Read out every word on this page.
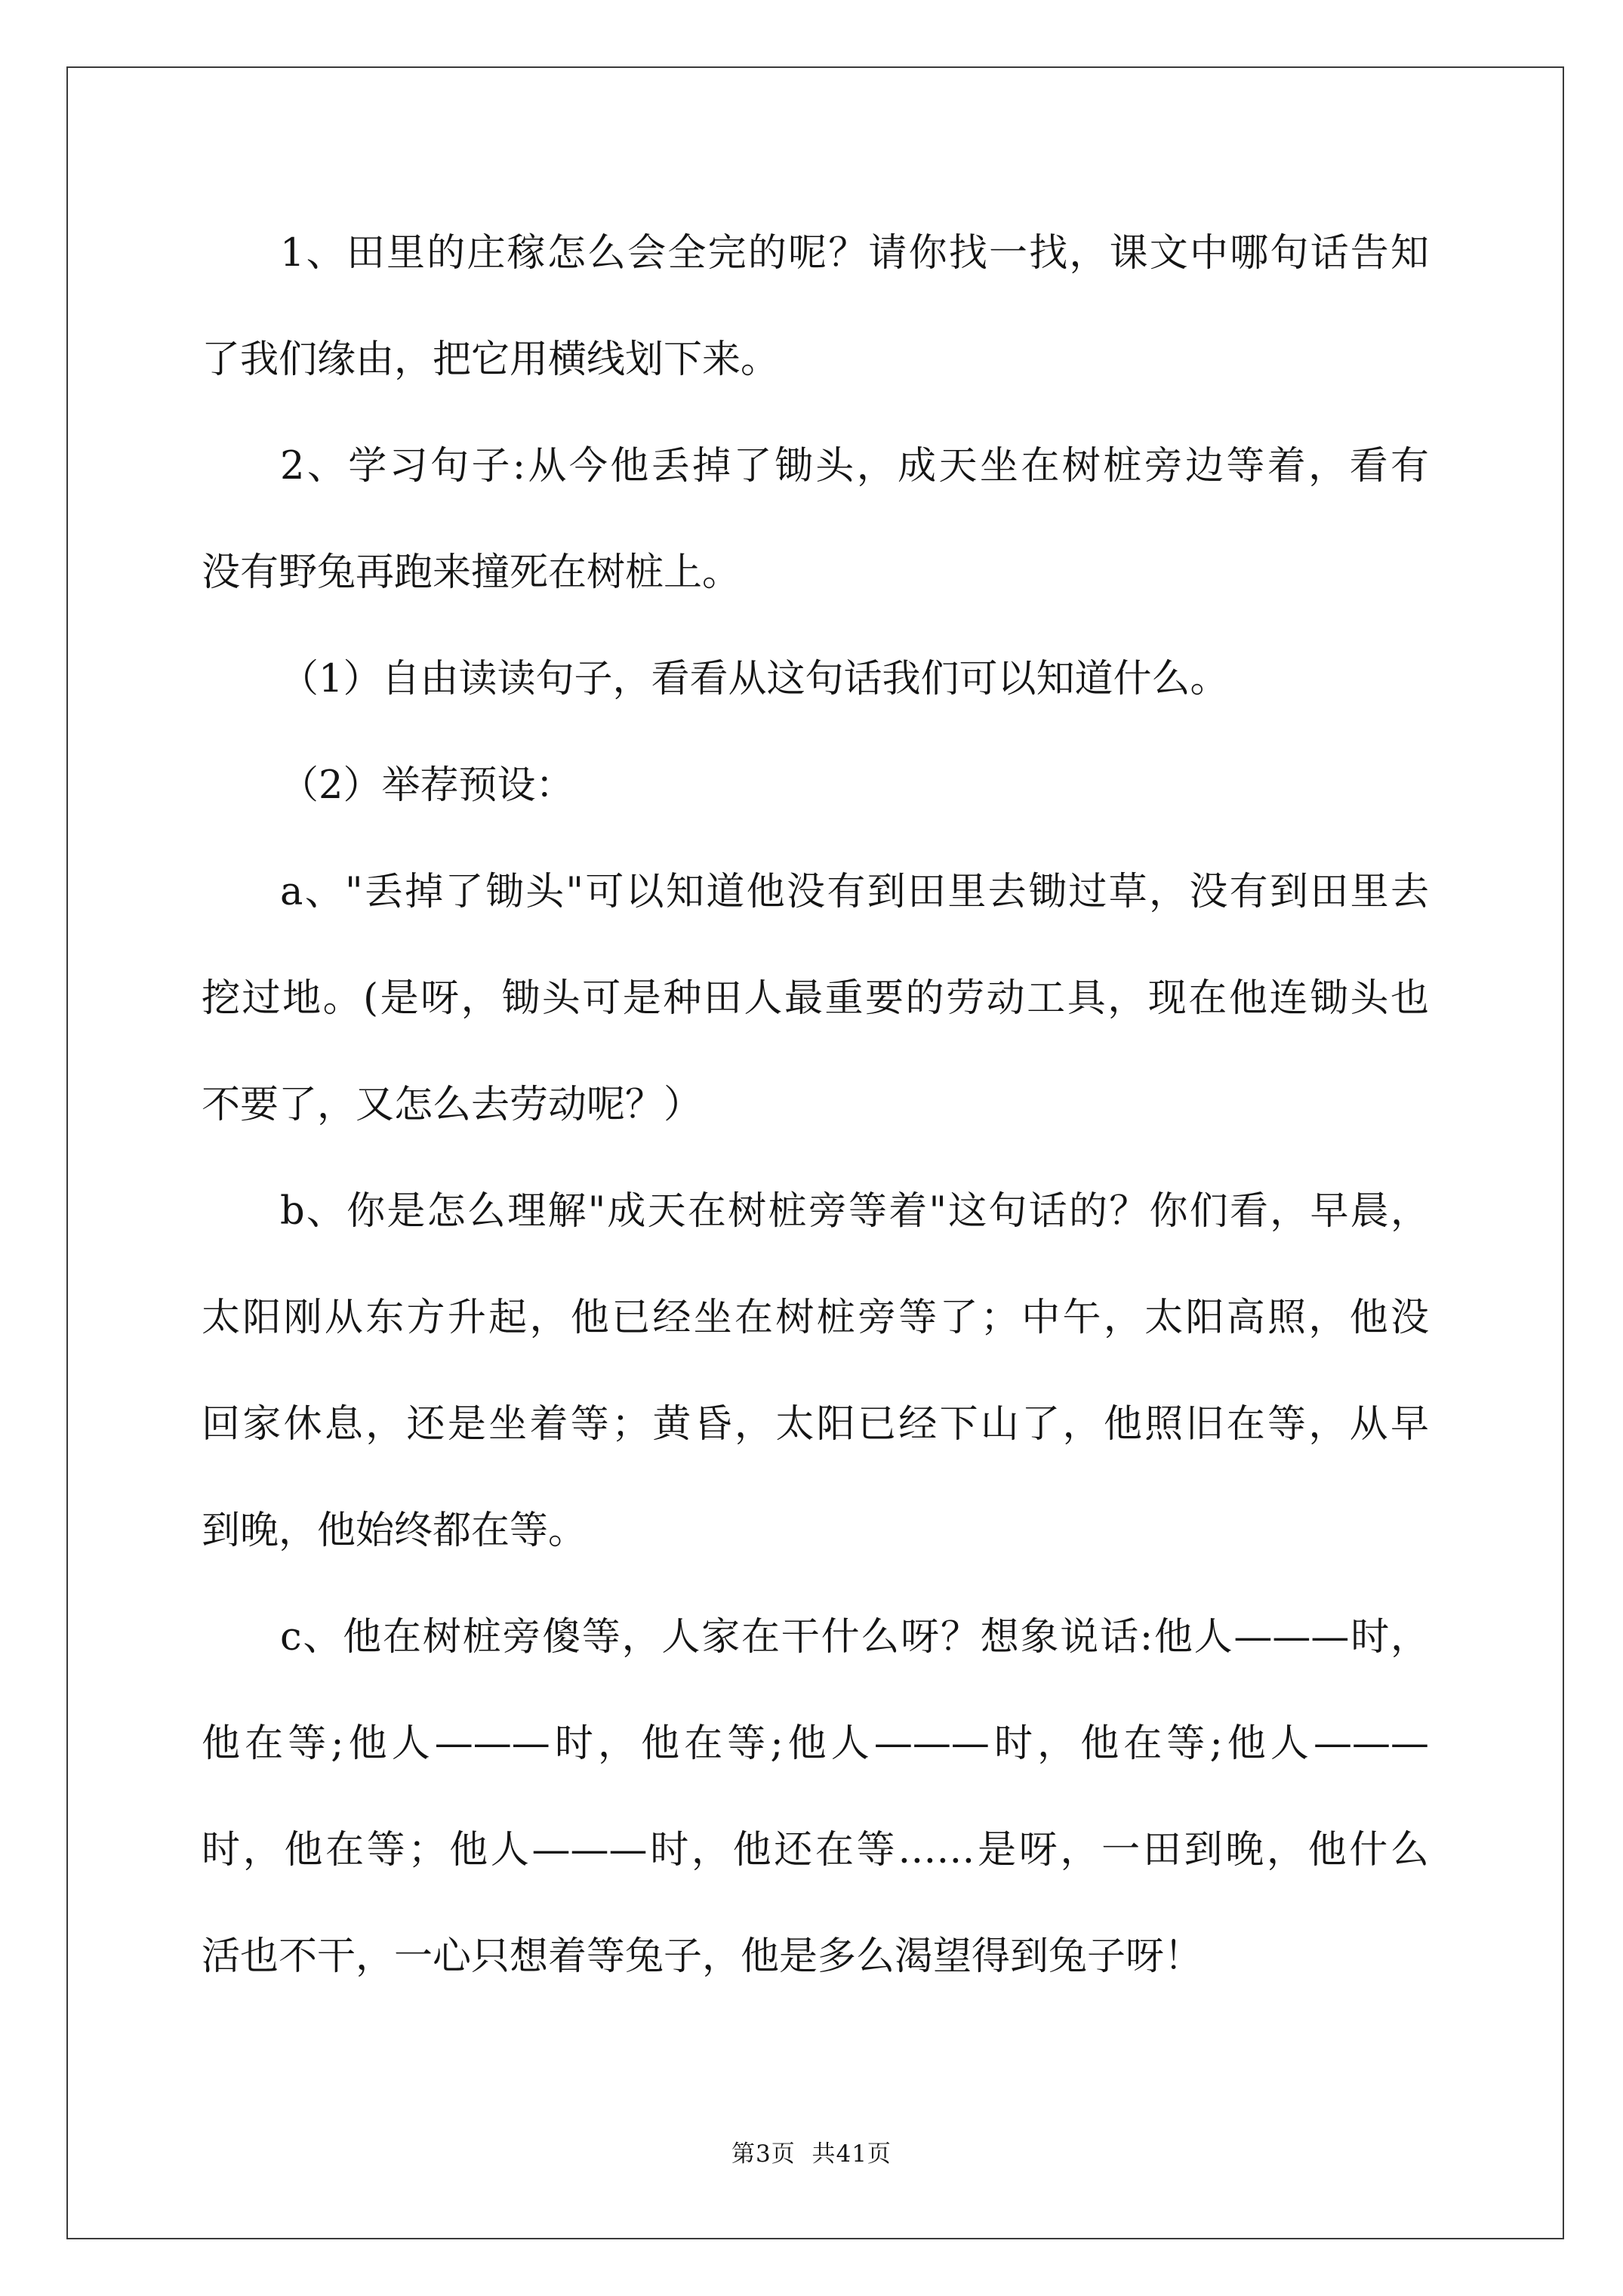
1、田里的庄稼怎么会全完的呢？请你找一找，课文中哪句话告知
了我们缘由，把它用横线划下来。
2、学习句子:从今他丢掉了锄头，成天坐在树桩旁边等着，看有
没有野兔再跑来撞死在树桩上。
（1）自由读读句子，看看从这句话我们可以知道什么。
（2）举荐预设：
a、"丢掉了锄头"可以知道他没有到田里去锄过草，没有到田里去
挖过地。(是呀，锄头可是种田人最重要的劳动工具，现在他连锄头也
不要了，又怎么去劳动呢？）
b、你是怎么理解"成天在树桩旁等着"这句话的？你们看，早晨，
太阳刚从东方升起，他已经坐在树桩旁等了；中午，太阳高照，他没
回家休息，还是坐着等；黄昏，太阳已经下山了，他照旧在等，从早
到晚，他始终都在等。
c、他在树桩旁傻等，人家在干什么呀？想象说话:他人———时，
他在等;他人———时，他在等;他人———时，他在等;他人———
时，他在等；他人———时，他还在等……是呀，一田到晚，他什么
活也不干，一心只想着等兔子，他是多么渴望得到兔子呀！
第3页  共41页
